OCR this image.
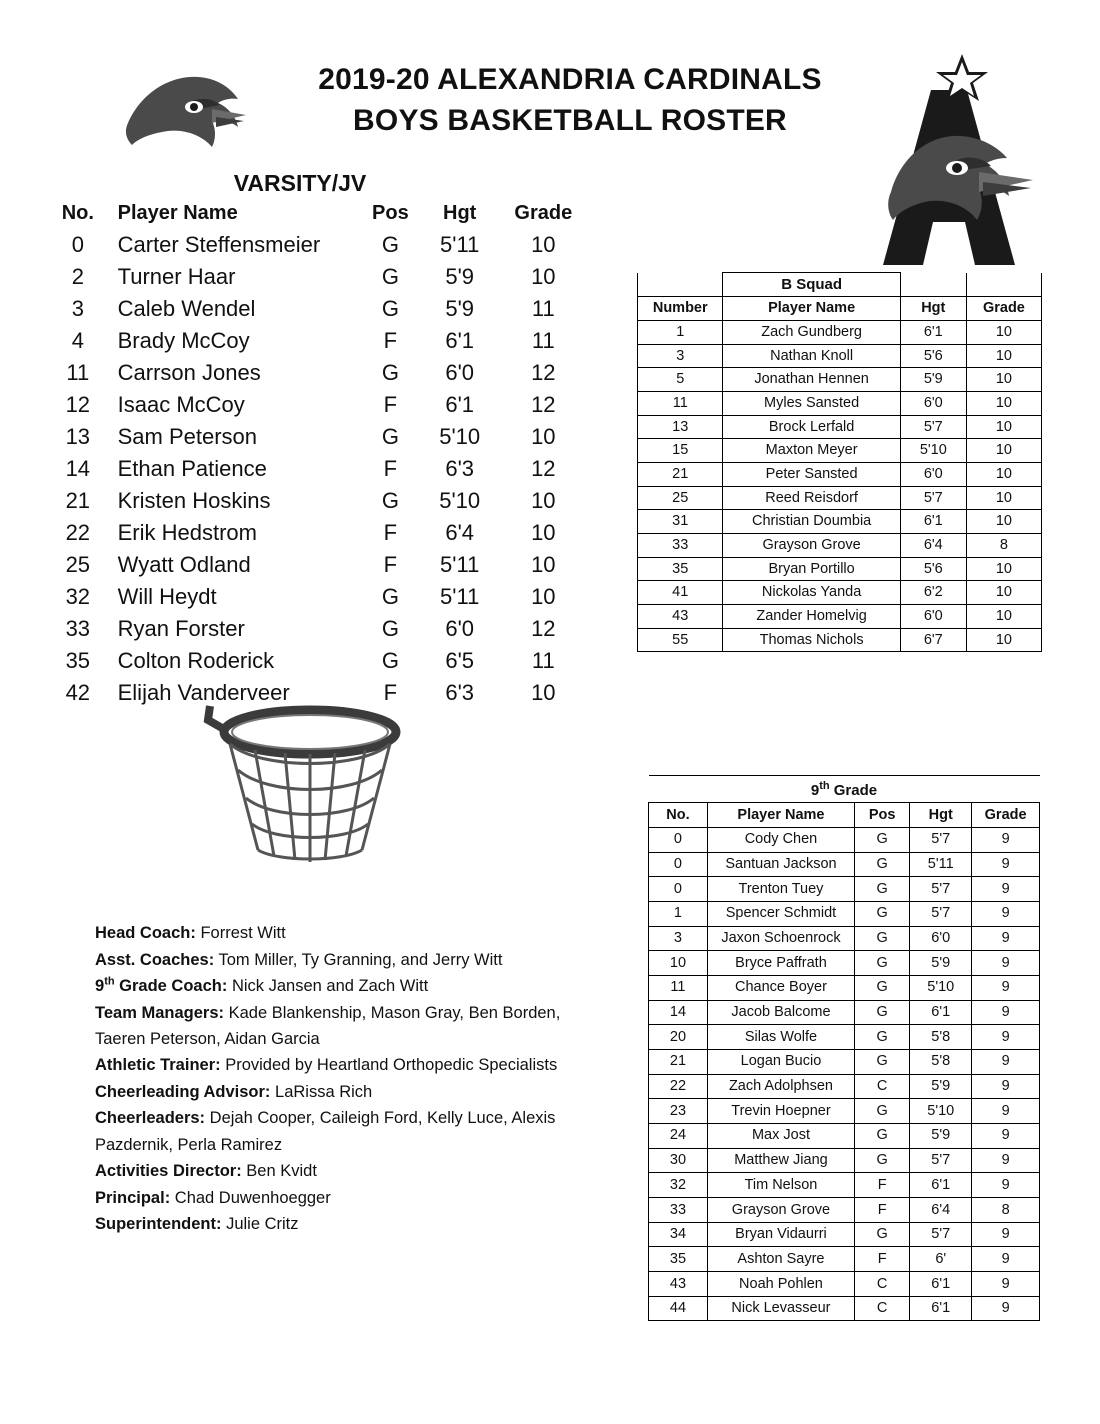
2019-20 ALEXANDRIA CARDINALS
BOYS BASKETBALL ROSTER
VARSITY/JV
No.	Player Name	Pos	Hgt	Grade
0	Carter Steffensmeier	G	5'11	10
2	Turner Haar	G	5'9	10
3	Caleb Wendel	G	5'9	11
4	Brady McCoy	F	6'1	11
11	Carrson Jones	G	6'0	12
12	Isaac McCoy	F	6'1	12
13	Sam Peterson	G	5'10	10
14	Ethan Patience	F	6'3	12
21	Kristen Hoskins	G	5'10	10
22	Erik Hedstrom	F	6'4	10
25	Wyatt Odland	F	5'11	10
32	Will Heydt	G	5'11	10
33	Ryan Forster	G	6'0	12
35	Colton Roderick	G	6'5	11
42	Elijah Vanderveer	F	6'3	10
	B Squad		
Number	Player Name	Hgt	Grade
1	Zach Gundberg	6'1	10
3	Nathan Knoll	5'6	10
5	Jonathan Hennen	5'9	10
11	Myles Sansted	6'0	10
13	Brock Lerfald	5'7	10
15	Maxton Meyer	5'10	10
21	Peter Sansted	6'0	10
25	Reed Reisdorf	5'7	10
31	Christian Doumbia	6'1	10
33	Grayson Grove	6'4	8
35	Bryan Portillo	5'6	10
41	Nickolas Yanda	6'2	10
43	Zander Homelvig	6'0	10
55	Thomas Nichols	6'7	10
9th Grade				
No.	Player Name	Pos	Hgt	Grade
0	Cody Chen	G	5'7	9
0	Santuan Jackson	G	5'11	9
0	Trenton Tuey	G	5'7	9
1	Spencer Schmidt	G	5'7	9
3	Jaxon Schoenrock	G	6'0	9
10	Bryce Paffrath	G	5'9	9
11	Chance Boyer	G	5'10	9
14	Jacob Balcome	G	6'1	9
20	Silas Wolfe	G	5'8	9
21	Logan Bucio	G	5'8	9
22	Zach Adolphsen	C	5'9	9
23	Trevin Hoepner	G	5'10	9
24	Max Jost	G	5'9	9
30	Matthew Jiang	G	5'7	9
32	Tim Nelson	F	6'1	9
33	Grayson Grove	F	6'4	8
34	Bryan Vidaurri	G	5'7	9
35	Ashton Sayre	F	6'	9
43	Noah Pohlen	C	6'1	9
44	Nick Levasseur	C	6'1	9

Head Coach: Forrest Witt

Asst. Coaches: Tom Miller, Ty Granning, and Jerry Witt

9th Grade Coach: Nick Jansen and Zach Witt

Team Managers: Kade Blankenship, Mason Gray, Ben Borden, Taeren Peterson, Aidan Garcia

Athletic Trainer: Provided by Heartland Orthopedic Specialists

Cheerleading Advisor: LaRissa Rich

Cheerleaders: Dejah Cooper, Caileigh Ford, Kelly Luce, Alexis Pazdernik, Perla Ramirez

Activities Director: Ben Kvidt

Principal: Chad Duwenhoegger

Superintendent: Julie Critz
